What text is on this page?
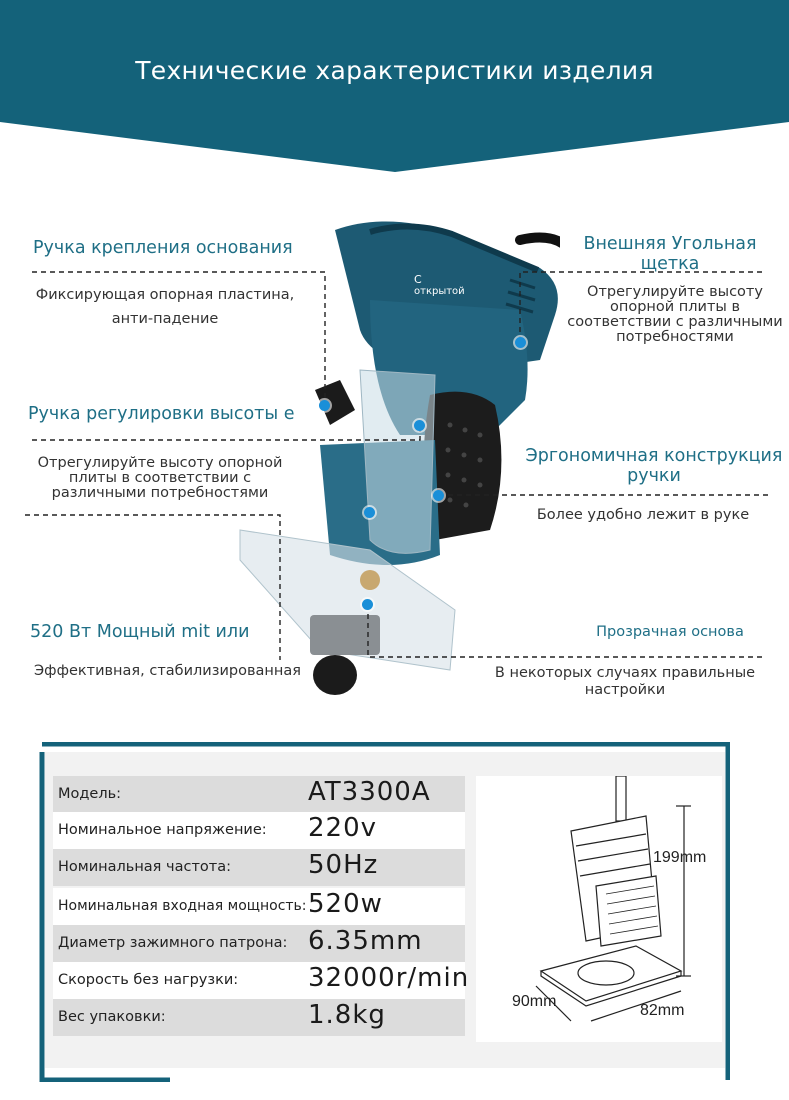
Технические характеристики изделия
С
открытой
Ручка крепления основания
Фиксирующая опорная пластина,
анти-падение
Ручка регулировки высоты е
Отрегулируйте высоту опорной
плиты в соответствии с
различными потребностями
520 Вт Мощный mit или
Эффективная, стабилизированная
Внешняя Угольная
щетка
Отрегулируйте высоту
опорной плиты в
соответствии с различными
потребностями
Эргономичная конструкция
ручки
Более удобно лежит в руке
Прозрачная основа
В некоторых случаях правильные
настройки
Модель:	AT3300A
Номинальное напряжение: 220v
Номинальная частота:	50Hz
Номинальная входная мощность: 520w
Диаметр зажимного патрона: 6.35mm
Скорость без нагрузки:	32000r/min
Вес упаковки:	1.8kg
199mm
90mm
82mm
